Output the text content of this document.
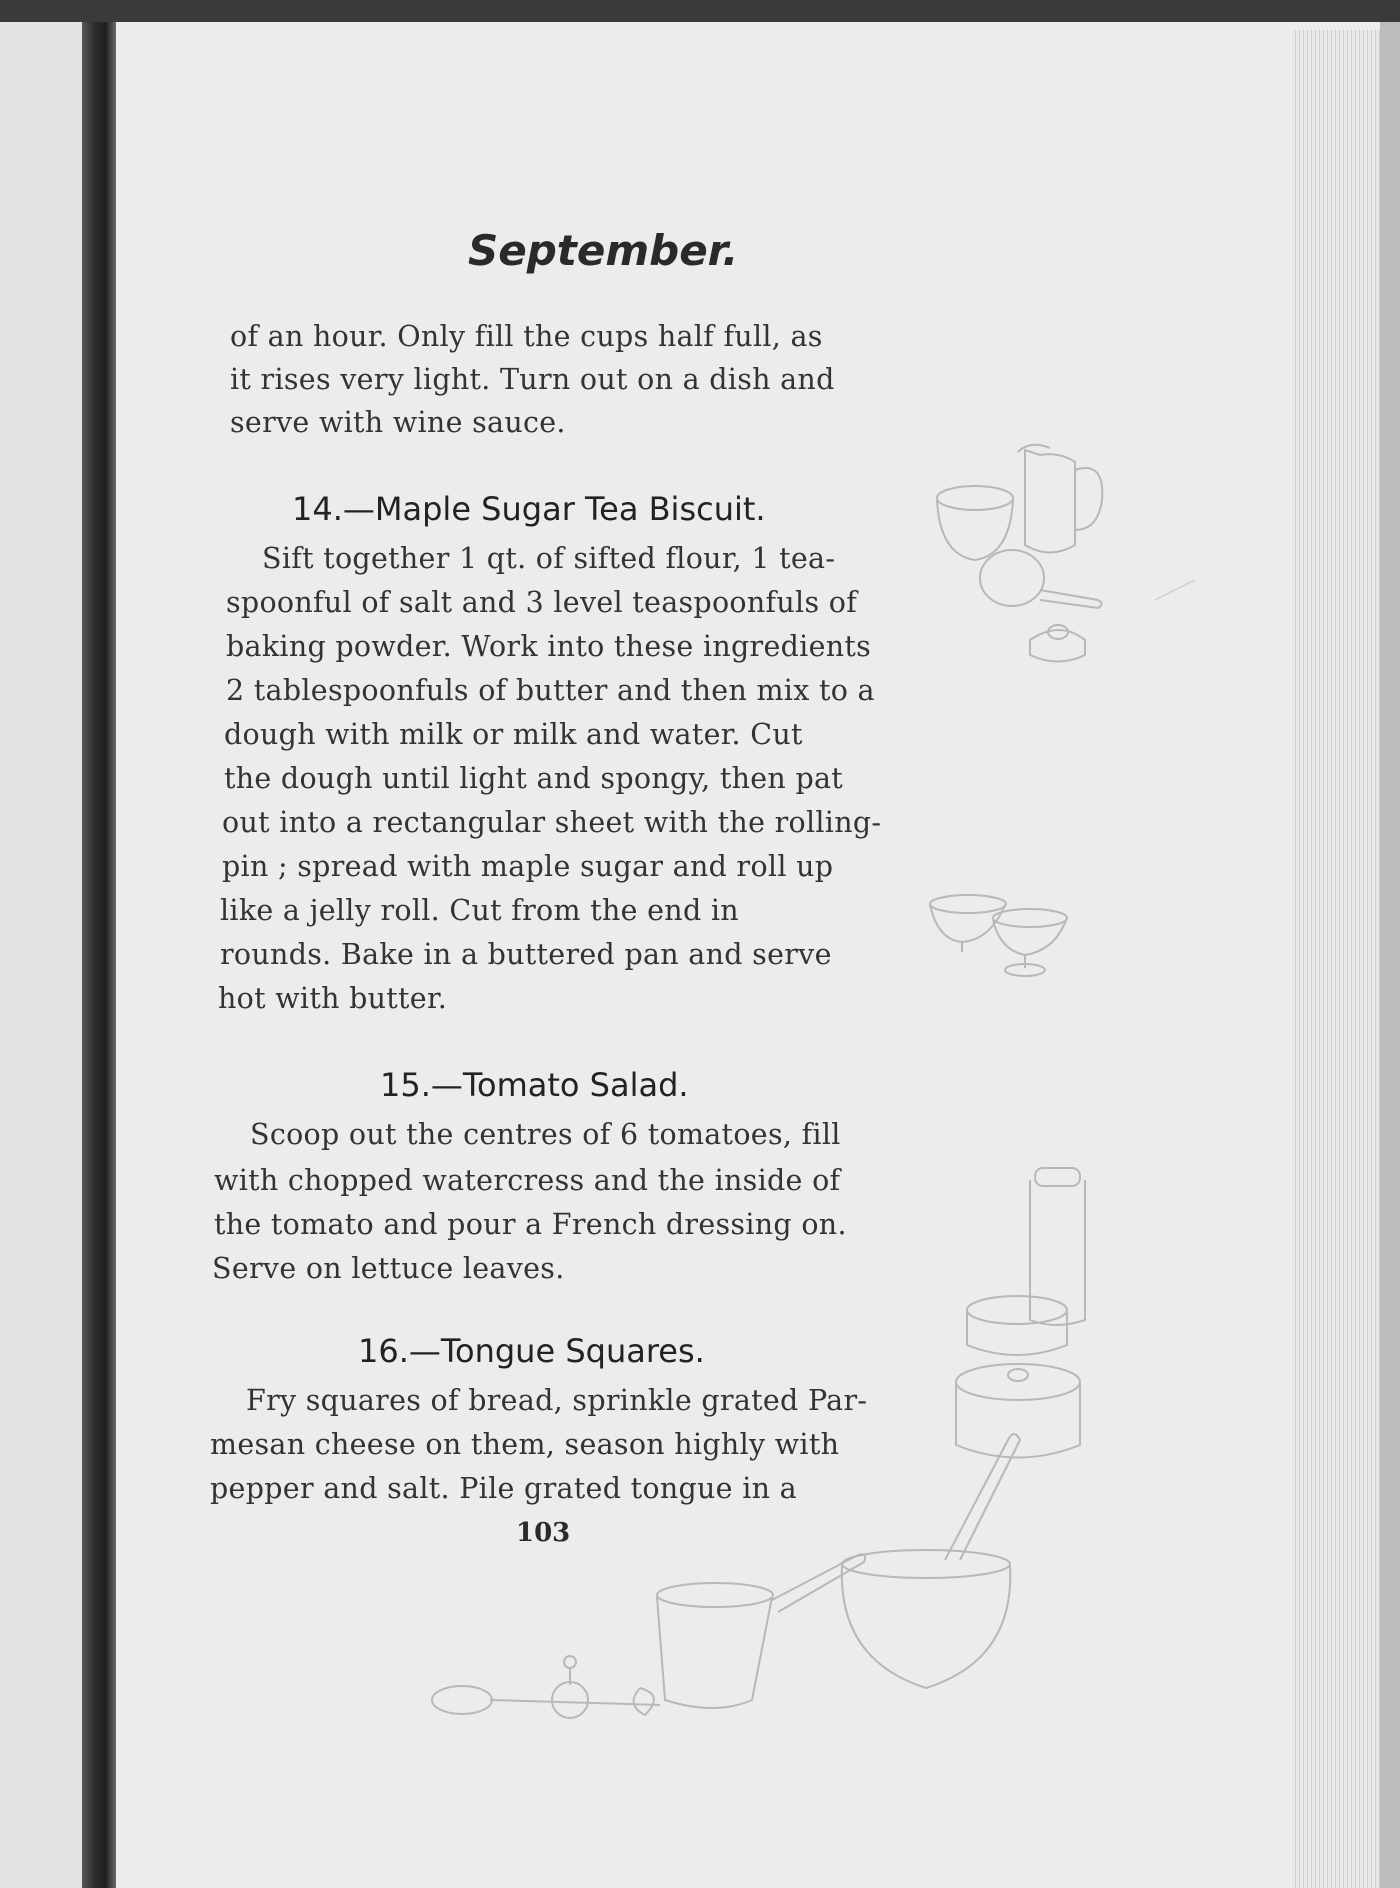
September.
of an hour. Only fill the cups half full, as
it rises very light. Turn out on a dish and
serve with wine sauce.
14.—Maple Sugar Tea Biscuit.
Sift together 1 qt. of sifted flour, 1 tea-
spoonful of salt and 3 level teaspoonfuls of
baking powder. Work into these ingredients
2 tablespoonfuls of butter and then mix to a
dough with milk or milk and water. Cut
the dough until light and spongy, then pat
out into a rectangular sheet with the rolling-
pin ; spread with maple sugar and roll up
like a jelly roll. Cut from the end in
rounds. Bake in a buttered pan and serve
hot with butter.
15.—Tomato Salad.
Scoop out the centres of 6 tomatoes, fill
with chopped watercress and the inside of
the tomato and pour a French dressing on.
Serve on lettuce leaves.
16.—Tongue Squares.
Fry squares of bread, sprinkle grated Par-
mesan cheese on them, season highly with
pepper and salt. Pile grated tongue in a
103
